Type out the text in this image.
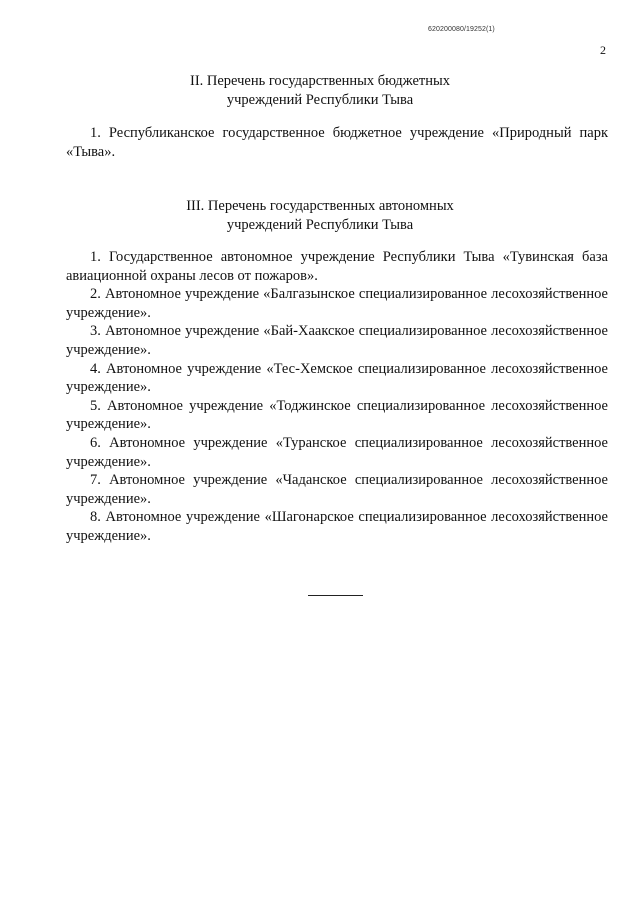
620200080/19252(1)
2
II. Перечень государственных бюджетных
учреждений Республики Тыва

1. Республиканское государственное бюджетное учреждение «Природный парк «Тыва».

III. Перечень государственных автономных
учреждений Республики Тыва

1. Государственное автономное учреждение Республики Тыва «Тувинская база авиационной охраны лесов от пожаров».

2. Автономное учреждение «Балгазынское специализированное лесохозяйственное учреждение».

3. Автономное учреждение «Бай-Хаакское специализированное лесохозяйственное учреждение».

4. Автономное учреждение «Тес-Хемское специализированное лесохозяйственное учреждение».

5. Автономное учреждение «Тоджинское специализированное лесохозяйственное учреждение».

6. Автономное учреждение «Туранское специализированное лесохозяйственное учреждение».

7. Автономное учреждение «Чаданское специализированное лесохозяйственное учреждение».

8. Автономное учреждение «Шагонарское специализированное лесохозяйственное учреждение».
